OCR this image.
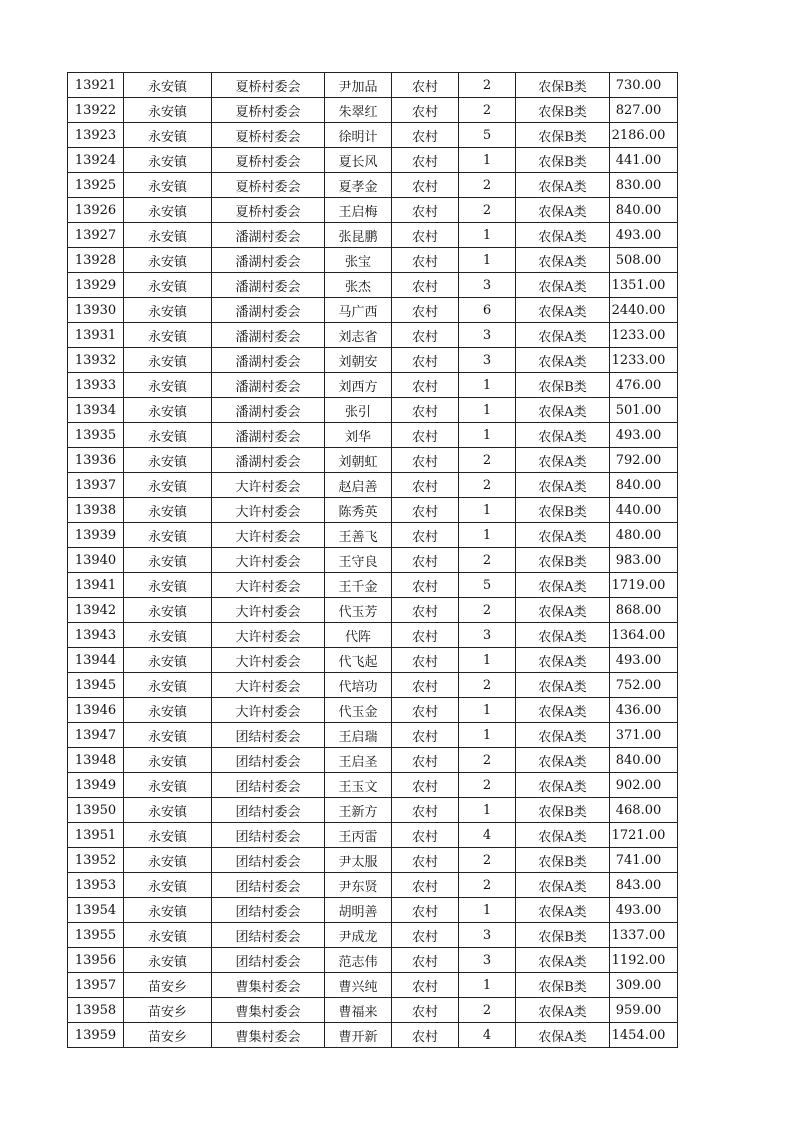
13921	永安镇	夏桥村委会	尹加品	农村	2	农保B类	730.00
13922	永安镇	夏桥村委会	朱翠红	农村	2	农保B类	827.00
13923	永安镇	夏桥村委会	徐明计	农村	5	农保B类	2186.00
13924	永安镇	夏桥村委会	夏长风	农村	1	农保B类	441.00
13925	永安镇	夏桥村委会	夏孝金	农村	2	农保A类	830.00
13926	永安镇	夏桥村委会	王启梅	农村	2	农保A类	840.00
13927	永安镇	潘湖村委会	张昆鹏	农村	1	农保A类	493.00
13928	永安镇	潘湖村委会	张宝	农村	1	农保A类	508.00
13929	永安镇	潘湖村委会	张杰	农村	3	农保A类	1351.00
13930	永安镇	潘湖村委会	马广西	农村	6	农保A类	2440.00
13931	永安镇	潘湖村委会	刘志省	农村	3	农保A类	1233.00
13932	永安镇	潘湖村委会	刘朝安	农村	3	农保A类	1233.00
13933	永安镇	潘湖村委会	刘西方	农村	1	农保B类	476.00
13934	永安镇	潘湖村委会	张引	农村	1	农保A类	501.00
13935	永安镇	潘湖村委会	刘华	农村	1	农保A类	493.00
13936	永安镇	潘湖村委会	刘朝虹	农村	2	农保A类	792.00
13937	永安镇	大许村委会	赵启善	农村	2	农保A类	840.00
13938	永安镇	大许村委会	陈秀英	农村	1	农保B类	440.00
13939	永安镇	大许村委会	王善飞	农村	1	农保A类	480.00
13940	永安镇	大许村委会	王守良	农村	2	农保B类	983.00
13941	永安镇	大许村委会	王千金	农村	5	农保A类	1719.00
13942	永安镇	大许村委会	代玉芳	农村	2	农保A类	868.00
13943	永安镇	大许村委会	代阵	农村	3	农保A类	1364.00
13944	永安镇	大许村委会	代飞起	农村	1	农保A类	493.00
13945	永安镇	大许村委会	代培功	农村	2	农保A类	752.00
13946	永安镇	大许村委会	代玉金	农村	1	农保A类	436.00
13947	永安镇	团结村委会	王启瑞	农村	1	农保A类	371.00
13948	永安镇	团结村委会	王启圣	农村	2	农保A类	840.00
13949	永安镇	团结村委会	王玉文	农村	2	农保A类	902.00
13950	永安镇	团结村委会	王新方	农村	1	农保B类	468.00
13951	永安镇	团结村委会	王丙雷	农村	4	农保A类	1721.00
13952	永安镇	团结村委会	尹太服	农村	2	农保B类	741.00
13953	永安镇	团结村委会	尹东贤	农村	2	农保A类	843.00
13954	永安镇	团结村委会	胡明善	农村	1	农保A类	493.00
13955	永安镇	团结村委会	尹成龙	农村	3	农保B类	1337.00
13956	永安镇	团结村委会	范志伟	农村	3	农保A类	1192.00
13957	苗安乡	曹集村委会	曹兴纯	农村	1	农保B类	309.00
13958	苗安乡	曹集村委会	曹福来	农村	2	农保A类	959.00
13959	苗安乡	曹集村委会	曹开新	农村	4	农保A类	1454.00
